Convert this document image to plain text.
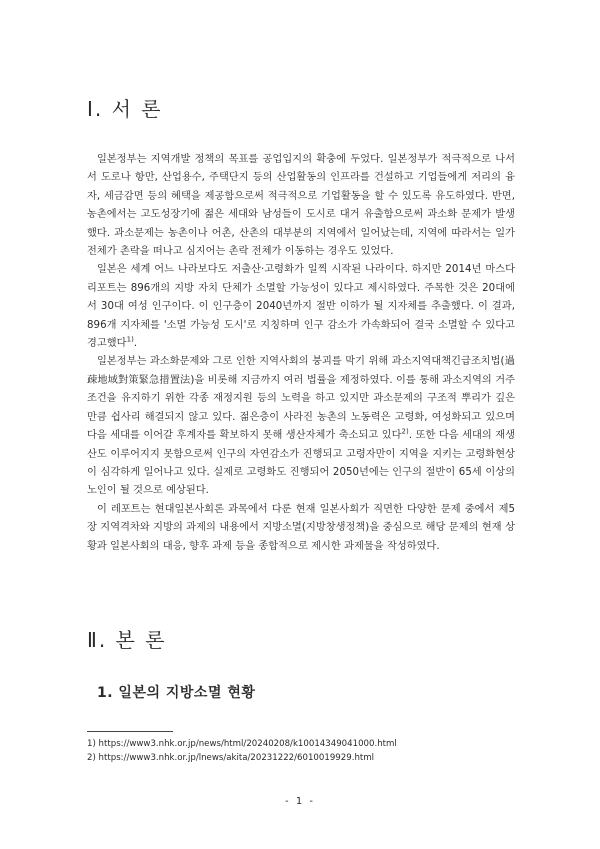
Ⅰ. 서 론

일본정부는 지역개발 정책의 목표를 공업입지의 확충에 두었다. 일본정부가 적극적으로 나서서 도로나 항만, 산업용수, 주택단지 등의 산업활동의 인프라를 건설하고 기업들에게 저리의 융자, 세금감면 등의 혜택을 제공함으로써 적극적으로 기업활동을 할 수 있도록 유도하였다. 반면, 농촌에서는 고도성장기에 젊은 세대와 남성들이 도시로 대거 유출함으로써 과소화 문제가 발생했다. 과소문제는 농촌이나 어촌, 산촌의 대부분의 지역에서 일어났는데, 지역에 따라서는 일가 전체가 촌락을 떠나고 심지어는 촌락 전체가 이동하는 경우도 있었다.

일본은 세계 어느 나라보다도 저출산·고령화가 일찍 시작된 나라이다. 하지만 2014년 마스다 리포트는 896개의 지방 자치 단체가 소멸할 가능성이 있다고 제시하였다. 주목한 것은 20대에서 30대 여성 인구이다. 이 인구층이 2040년까지 절반 이하가 될 지자체를 추출했다. 이 결과, 896개 지자체를 '소멸 가능성 도시'로 지칭하며 인구 감소가 가속화되어 결국 소멸할 수 있다고 경고했다$^{1)}$.

일본정부는 과소화문제와 그로 인한 지역사회의 붕괴를 막기 위해 과소지역대책긴급조치법(過疎地域對策緊急措置法)을 비롯해 지금까지 여러 법률을 제정하였다. 이를 통해 과소지역의 거주조건을 유지하기 위한 각종 재정지원 등의 노력을 하고 있지만 과소문제의 구조적 뿌리가 깊은 만큼 쉽사리 해결되지 않고 있다. 젊은층이 사라진 농촌의 노동력은 고령화, 여성화되고 있으며 다음 세대를 이어갈 후계자를 확보하지 못해 생산자체가 축소되고 있다$^{2)}$. 또한 다음 세대의 재생산도 이루어지지 못함으로써 인구의 자연감소가 진행되고 고령자만이 지역을 지키는 고령화현상이 심각하게 일어나고 있다. 실제로 고령화도 진행되어 2050년에는 인구의 절반이 65세 이상의 노인이 될 것으로 예상된다.

이 레포트는 현대일본사회론 과목에서 다룬 현재 일본사회가 직면한 다양한 문제 중에서 제5장 지역격차와 지방의 과제의 내용에서 지방소멸(지방창생정책)을 중심으로 해당 문제의 현재 상황과 일본사회의 대응, 향후 과제 등을 종합적으로 제시한 과제물을 작성하였다.

Ⅱ. 본 론
1. 일본의 지방소멸 현황

1) https://www3.nhk.or.jp/news/html/20240208/k10014349041000.html

2) https://www3.nhk.or.jp/lnews/akita/20231222/6010019929.html

- 1 -
